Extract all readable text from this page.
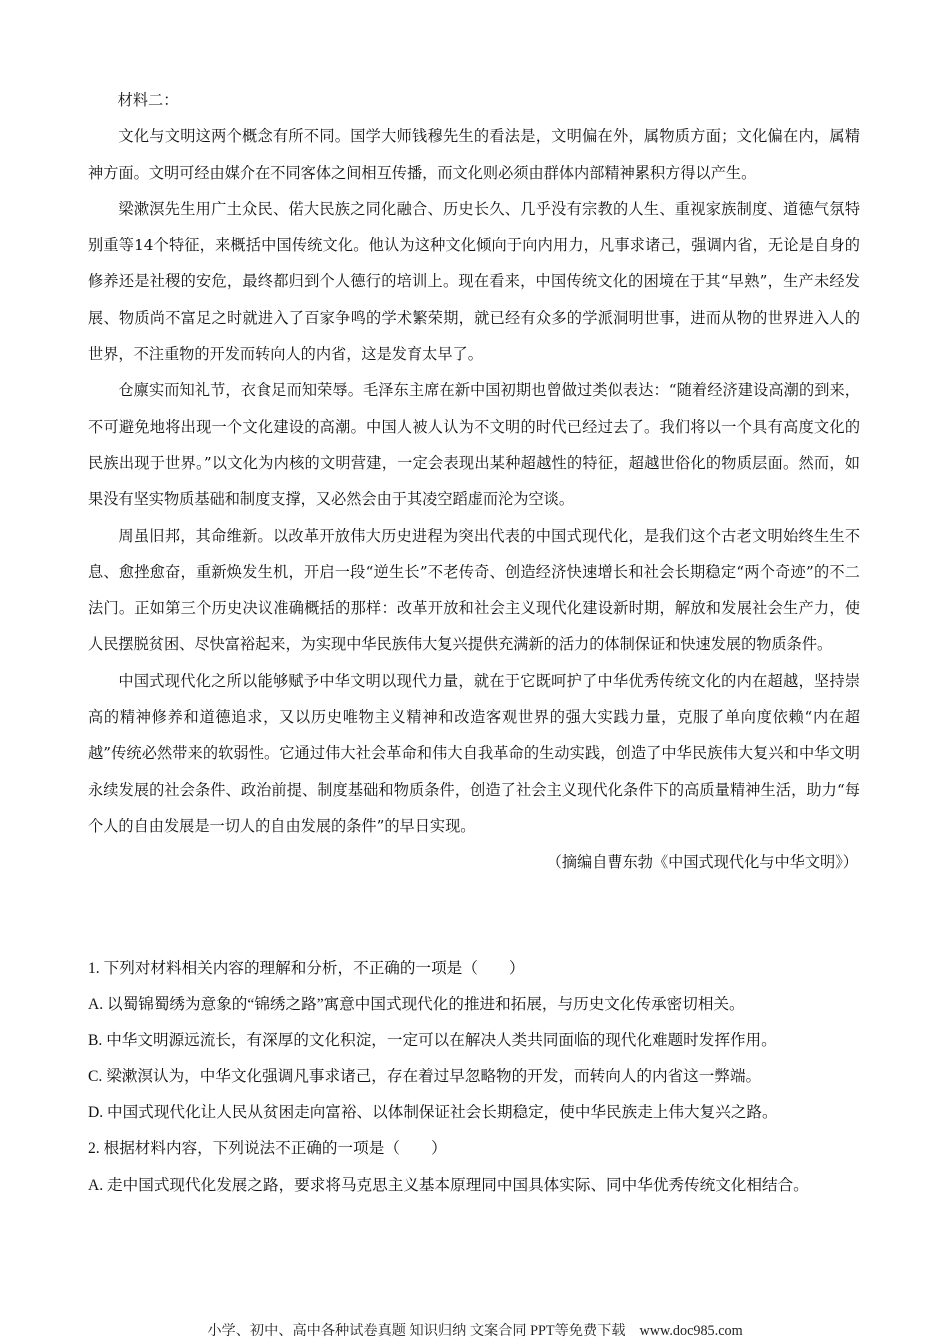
材料二：

文化与文明这两个概念有所不同。国学大师钱穆先生的看法是，文明偏在外，属物质方面；文化偏在内，属精神方面。文明可经由媒介在不同客体之间相互传播，而文化则必须由群体内部精神累积方得以产生。

梁漱溟先生用广土众民、偌大民族之同化融合、历史长久、几乎没有宗教的人生、重视家族制度、道德气氛特别重等14个特征，来概括中国传统文化。他认为这种文化倾向于向内用力，凡事求诸己，强调内省，无论是自身的修养还是社稷的安危，最终都归到个人德行的培训上。现在看来，中国传统文化的困境在于其“早熟”，生产未经发展、物质尚不富足之时就进入了百家争鸣的学术繁荣期，就已经有众多的学派洞明世事，进而从物的世界进入人的世界，不注重物的开发而转向人的内省，这是发育太早了。

仓廪实而知礼节，衣食足而知荣辱。毛泽东主席在新中国初期也曾做过类似表达：“随着经济建设高潮的到来，不可避免地将出现一个文化建设的高潮。中国人被人认为不文明的时代已经过去了。我们将以一个具有高度文化的民族出现于世界。”以文化为内核的文明营建，一定会表现出某种超越性的特征，超越世俗化的物质层面。然而，如果没有坚实物质基础和制度支撑，又必然会由于其凌空蹈虚而沦为空谈。

周虽旧邦，其命维新。以改革开放伟大历史进程为突出代表的中国式现代化，是我们这个古老文明始终生生不息、愈挫愈奋，重新焕发生机，开启一段“逆生长”不老传奇、创造经济快速增长和社会长期稳定“两个奇迹”的不二法门。正如第三个历史决议准确概括的那样：改革开放和社会主义现代化建设新时期，解放和发展社会生产力，使人民摆脱贫困、尽快富裕起来，为实现中华民族伟大复兴提供充满新的活力的体制保证和快速发展的物质条件。

中国式现代化之所以能够赋予中华文明以现代力量，就在于它既呵护了中华优秀传统文化的内在超越，坚持崇高的精神修养和道德追求，又以历史唯物主义精神和改造客观世界的强大实践力量，克服了单向度依赖“内在超越”传统必然带来的软弱性。它通过伟大社会革命和伟大自我革命的生动实践，创造了中华民族伟大复兴和中华文明永续发展的社会条件、政治前提、制度基础和物质条件，创造了社会主义现代化条件下的高质量精神生活，助力“每个人的自由发展是一切人的自由发展的条件”的早日实现。

（摘编自曹东勃《中国式现代化与中华文明》）

1. 下列对材料相关内容的理解和分析，不正确的一项是（　　）

A. 以蜀锦蜀绣为意象的“锦绣之路”寓意中国式现代化的推进和拓展，与历史文化传承密切相关。

B. 中华文明源远流长，有深厚的文化积淀，一定可以在解决人类共同面临的现代化难题时发挥作用。

C. 梁漱溟认为，中华文化强调凡事求诸己，存在着过早忽略物的开发，而转向人的内省这一弊端。

D. 中国式现代化让人民从贫困走向富裕、以体制保证社会长期稳定，使中华民族走上伟大复兴之路。

2. 根据材料内容，下列说法不正确的一项是（　　）

A. 走中国式现代化发展之路，要求将马克思主义基本原理同中国具体实际、同中华优秀传统文化相结合。

小学、初中、高中各种试卷真题 知识归纳 文案合同 PPT等免费下载 www.doc985.com
